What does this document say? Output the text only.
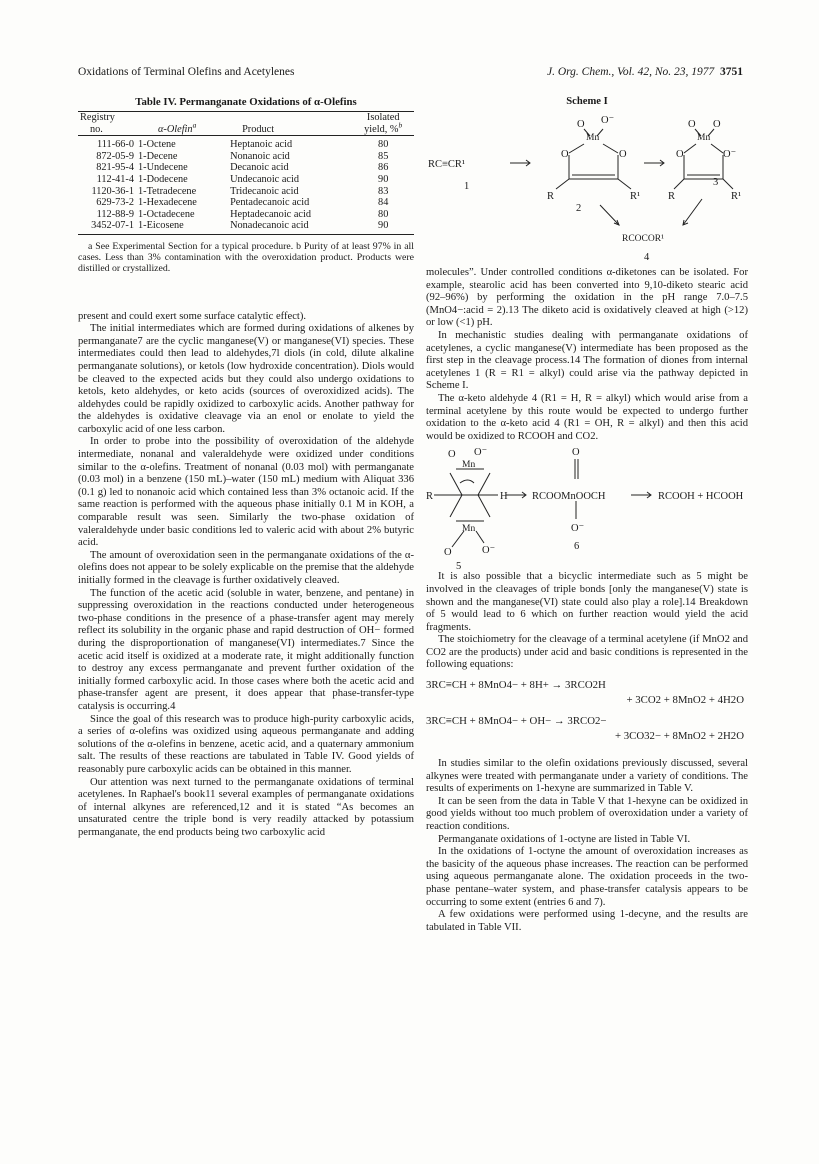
Oxidations of Terminal Olefins and Acetylenes	J. Org. Chem., Vol. 42, No. 23, 1977 3751
Table IV. Permanganate Oxidations of α-Olefins
Registry			Isolated
no.	α-Olefin$^a$	Product	yield, %$^b$
111-66-0	1-Octene	Heptanoic acid	80
872-05-9	1-Decene	Nonanoic acid	85
821-95-4	1-Undecene	Decanoic acid	86
112-41-4	1-Dodecene	Undecanoic acid	90
1120-36-1	1-Tetradecene	Tridecanoic acid	83
629-73-2	1-Hexadecene	Pentadecanoic acid	84
112-88-9	1-Octadecene	Heptadecanoic acid	80
3452-07-1	1-Eicosene	Nonadecanoic acid	90

a See Experimental Section for a typical procedure. b Purity of at least 97% in all cases. Less than 3% contamination with the overoxidation product. Products were distilled or crystallized.

present and could exert some surface catalytic effect).

The initial intermediates which are formed during oxidations of alkenes by permanganate7 are the cyclic manganese(V) or manganese(VI) species. These intermediates could then lead to aldehydes,7l diols (in cold, dilute alkaline permanganate solutions), or ketols (low hydroxide concentration). Diols would be cleaved to the expected acids but they could also undergo oxidations to ketols, keto aldehydes, or keto acids (sources of overoxidized acids). The aldehydes could be rapidly oxidized to carboxylic acids. Another pathway for the aldehydes is oxidative cleavage via an enol or enolate to yield the carboxylic acid of one less carbon.

In order to probe into the possibility of overoxidation of the aldehyde intermediate, nonanal and valeraldehyde were oxidized under conditions similar to the α-olefins. Treatment of nonanal (0.03 mol) with permanganate (0.03 mol) in a benzene (150 mL)–water (150 mL) medium with Aliquat 336 (0.1 g) led to nonanoic acid which contained less than 3% octanoic acid. If the same reaction is performed with the aqueous phase initially 0.1 M in KOH, a comparable result was seen. Similarly the two-phase oxidation of valeraldehyde under basic conditions led to valeric acid with about 2% butyric acid.

The amount of overoxidation seen in the permanganate oxidations of the α-olefins does not appear to be solely explicable on the premise that the aldehyde initially formed in the cleavage is further oxidatively cleaved.

The function of the acetic acid (soluble in water, benzene, and pentane) in suppressing overoxidation in the reactions conducted under heterogeneous two-phase conditions in the presence of a phase-transfer agent may merely reflect its solubility in the organic phase and rapid destruction of OH− formed during the disproportionation of manganese(VI) intermediates.7 Since the acetic acid itself is oxidized at a moderate rate, it might additionally function to destroy any excess permanganate and prevent further oxidation of the initially formed carboxylic acid. In those cases where both the acetic acid and phase-transfer agent are present, it does appear that phase-transfer-type catalysis is occurring.4

Since the goal of this research was to produce high-purity carboxylic acids, a series of α-olefins was oxidized using aqueous permanganate and adding solutions of the α-olefins in benzene, acetic acid, and a quaternary ammonium salt. The results of these reactions are tabulated in Table IV. Good yields of reasonably pure carboxylic acids can be obtained in this manner.

Our attention was next turned to the permanganate oxidations of terminal acetylenes. In Raphael's book11 several examples of permanganate oxidations of internal alkynes are referenced,12 and it is stated “As becomes an unsaturated centre the triple bond is very readily attacked by potassium permanganate, the end products being two carboxylic acid

Scheme I
RC≡CR¹
1
O O⁻
Mn
O	O
R	R¹
2
O O
Mn
O	O⁻
R	R¹
3
RCOCOR¹
4

molecules”. Under controlled conditions α-diketones can be isolated. For example, stearolic acid has been converted into 9,10-diketo stearic acid (92–96%) by performing the oxidation in the pH range 7.0–7.5 (MnO4−:acid = 2).13 The diketo acid is oxidatively cleaved at high (>12) or low (<1) pH.

In mechanistic studies dealing with permanganate oxidations of acetylenes, a cyclic manganese(V) intermediate has been proposed as the first step in the cleavage process.14 The formation of diones from internal acetylenes 1 (R = R1 = alkyl) could arise via the pathway depicted in Scheme I.

The α-keto aldehyde 4 (R1 = H, R = alkyl) which would arise from a terminal acetylene by this route would be expected to undergo further oxidation to the α-keto acid 4 (R1 = OH, R = alkyl) and then this acid would be oxidized to RCOOH and CO2.

O O⁻
Mn
R	H
Mn
O	O⁻
O
RCOOMnOOCH
O⁻
6
RCOOH + HCOOH
5

It is also possible that a bicyclic intermediate such as 5 might be involved in the cleavages of triple bonds [only the manganese(V) state is shown and the manganese(VI) state could also play a role].14 Breakdown of 5 would lead to 6 which on further reaction would yield the acid fragments.

The stoichiometry for the cleavage of a terminal acetylene (if MnO2 and CO2 are the products) under acid and basic conditions is represented in the following equations:

3RC≡CH + 8MnO4− + 8H+ → 3RCO2H
+ 3CO2 + 8MnO2 + 4H2O
3RC≡CH + 8MnO4− + OH− → 3RCO2−
+ 3CO32− + 8MnO2 + 2H2O

In studies similar to the olefin oxidations previously discussed, several alkynes were treated with permanganate under a variety of conditions. The results of experiments on 1-hexyne are summarized in Table V.

It can be seen from the data in Table V that 1-hexyne can be oxidized in good yields without too much problem of overoxidation under a variety of reaction conditions.

Permanganate oxidations of 1-octyne are listed in Table VI.

In the oxidations of 1-octyne the amount of overoxidation increases as the basicity of the aqueous phase increases. The reaction can be performed using aqueous permanganate alone. The oxidation proceeds in the two-phase pentane–water system, and phase-transfer catalysis appears to be occurring to some extent (entries 6 and 7).

A few oxidations were performed using 1-decyne, and the results are tabulated in Table VII.
